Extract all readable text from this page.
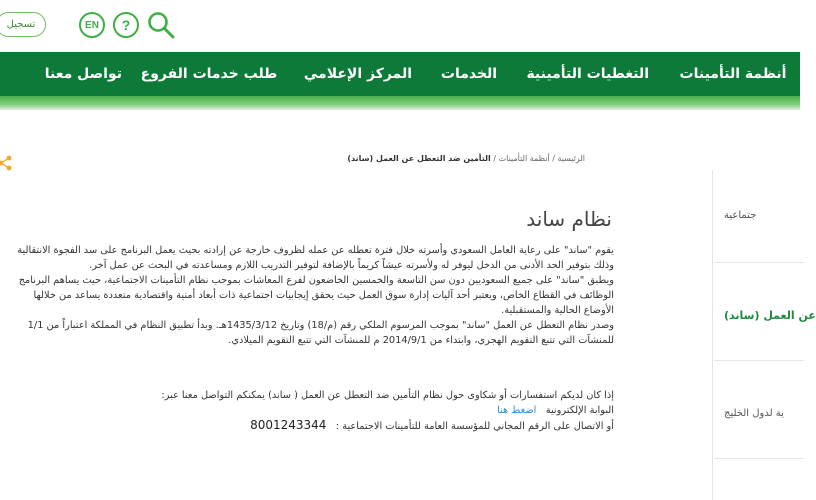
تسجيل	EN	?
أنظمة التأمينات
التغطيات التأمينية
الخدمات
المركز الإعلامي
طلب خدمات الفروع
تواصل معنا
الرئيسية / أنظمة التأمينات / التأمين ضد التعطل عن العمل (ساند)
نظام ساند

يقوم "ساند" على رعاية العامل السعودي وأسرته خلال فترة تعطله عن عمله لظروف خارجة عن إرادته بحيث يعمل البرنامج على سد الفجوة الانتقالية

وذلك بتوفير الحد الأدنى من الدخل ليوفر له ولأسرته عيشاً كريماً بالإضافة لتوفير التدريب اللازم ومساعدته في البحث عن عمل آخر.

ويطبق "ساند" على جميع السعوديين دون سن التاسعة والخمسين الخاضعون لفرع المعاشات بموجب نظام التأمينات الاجتماعية، حيث يساهم البرنامج

الوظائف في القطاع الخاص، ويعتبر أحد آليات إدارة سوق العمل حيث يحقق إيجابيات اجتماعية ذات أبعاد أمنية واقتصادية متعددة يساعد من خلالها

الأوضاع الحالية والمستقبلية.

وصدر نظام التعطل عن العمل "ساند" بموجب المرسوم الملكي رقم (م/18) وتاريخ 1435/3/12هـ. وبدأ تطبيق النظام في المملكة اعتباراً من 1/1

للمنشآت التي تتبع التقويم الهجري، وابتداء من 2014/9/1 م للمنشآت التي تتبع التقويم الميلادي.

إذا كان لديكم استفسارات أو شكاوى حول نظام التأمين ضد التعطل عن العمل ( ساند) يمكنكم التواصل معنا عبر:

البوابة الإلكترونية   اضغط هنا

أو الاتصال على الرقم المجاني للمؤسسة العامة للتأمينات الاجتماعية :   8001243344

جتماعية
عن العمل (ساند)
ية لدول الخليج
